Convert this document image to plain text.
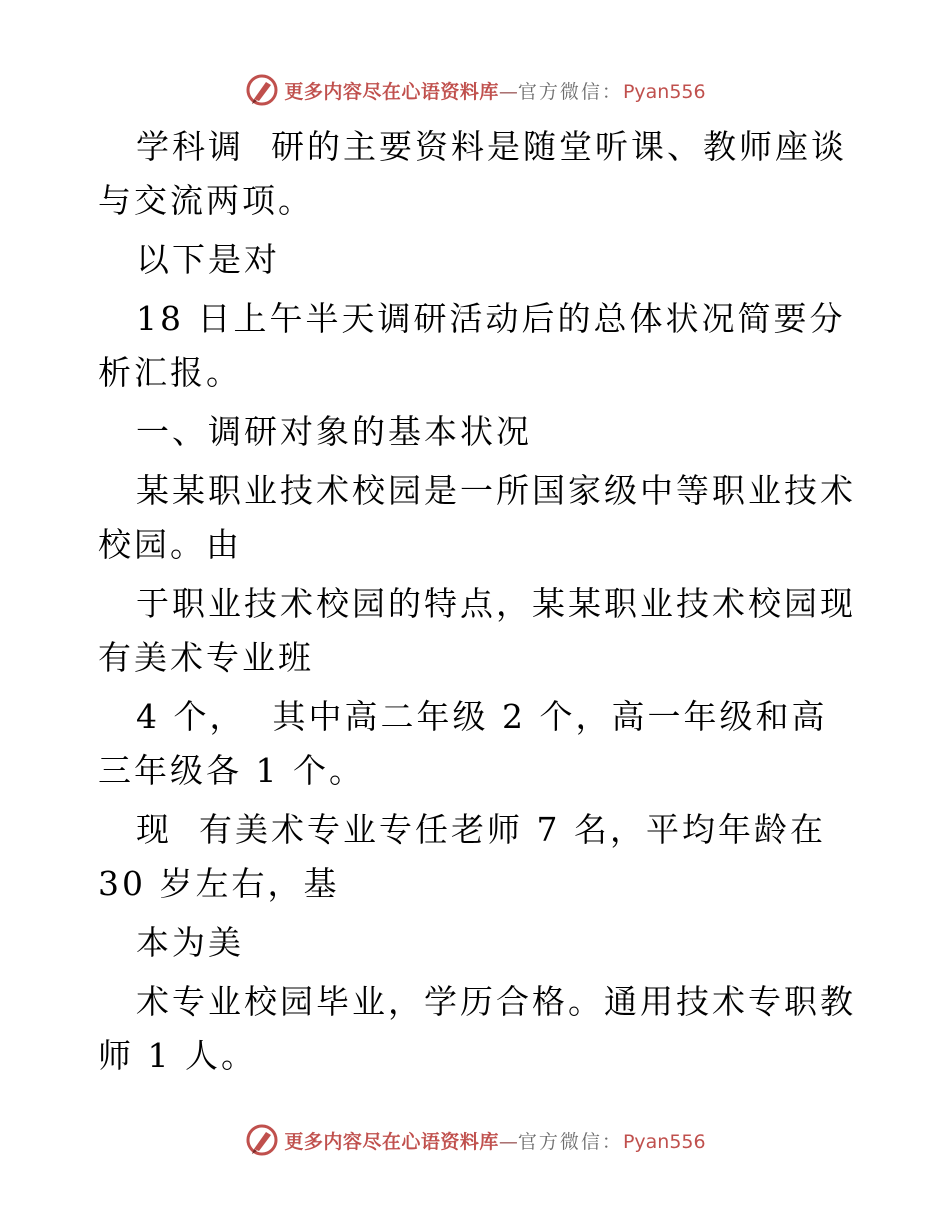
更多内容尽在心语资料库—官方微信：Pyan556

学科调  研的主要资料是随堂听课、教师座谈与交流两项。

以下是对

18 日上午半天调研活动后的总体状况简要分析汇报。

一、调研对象的基本状况

某某职业技术校园是一所国家级中等职业技术校园。由

于职业技术校园的特点，某某职业技术校园现有美术专业班

4 个，  其中高二年级 2 个，高一年级和高三年级各 1 个。

现  有美术专业专任老师 7 名，平均年龄在 30 岁左右，基

本为美

术专业校园毕业，学历合格。通用技术专职教师 1 人。

更多内容尽在心语资料库—官方微信：Pyan556
